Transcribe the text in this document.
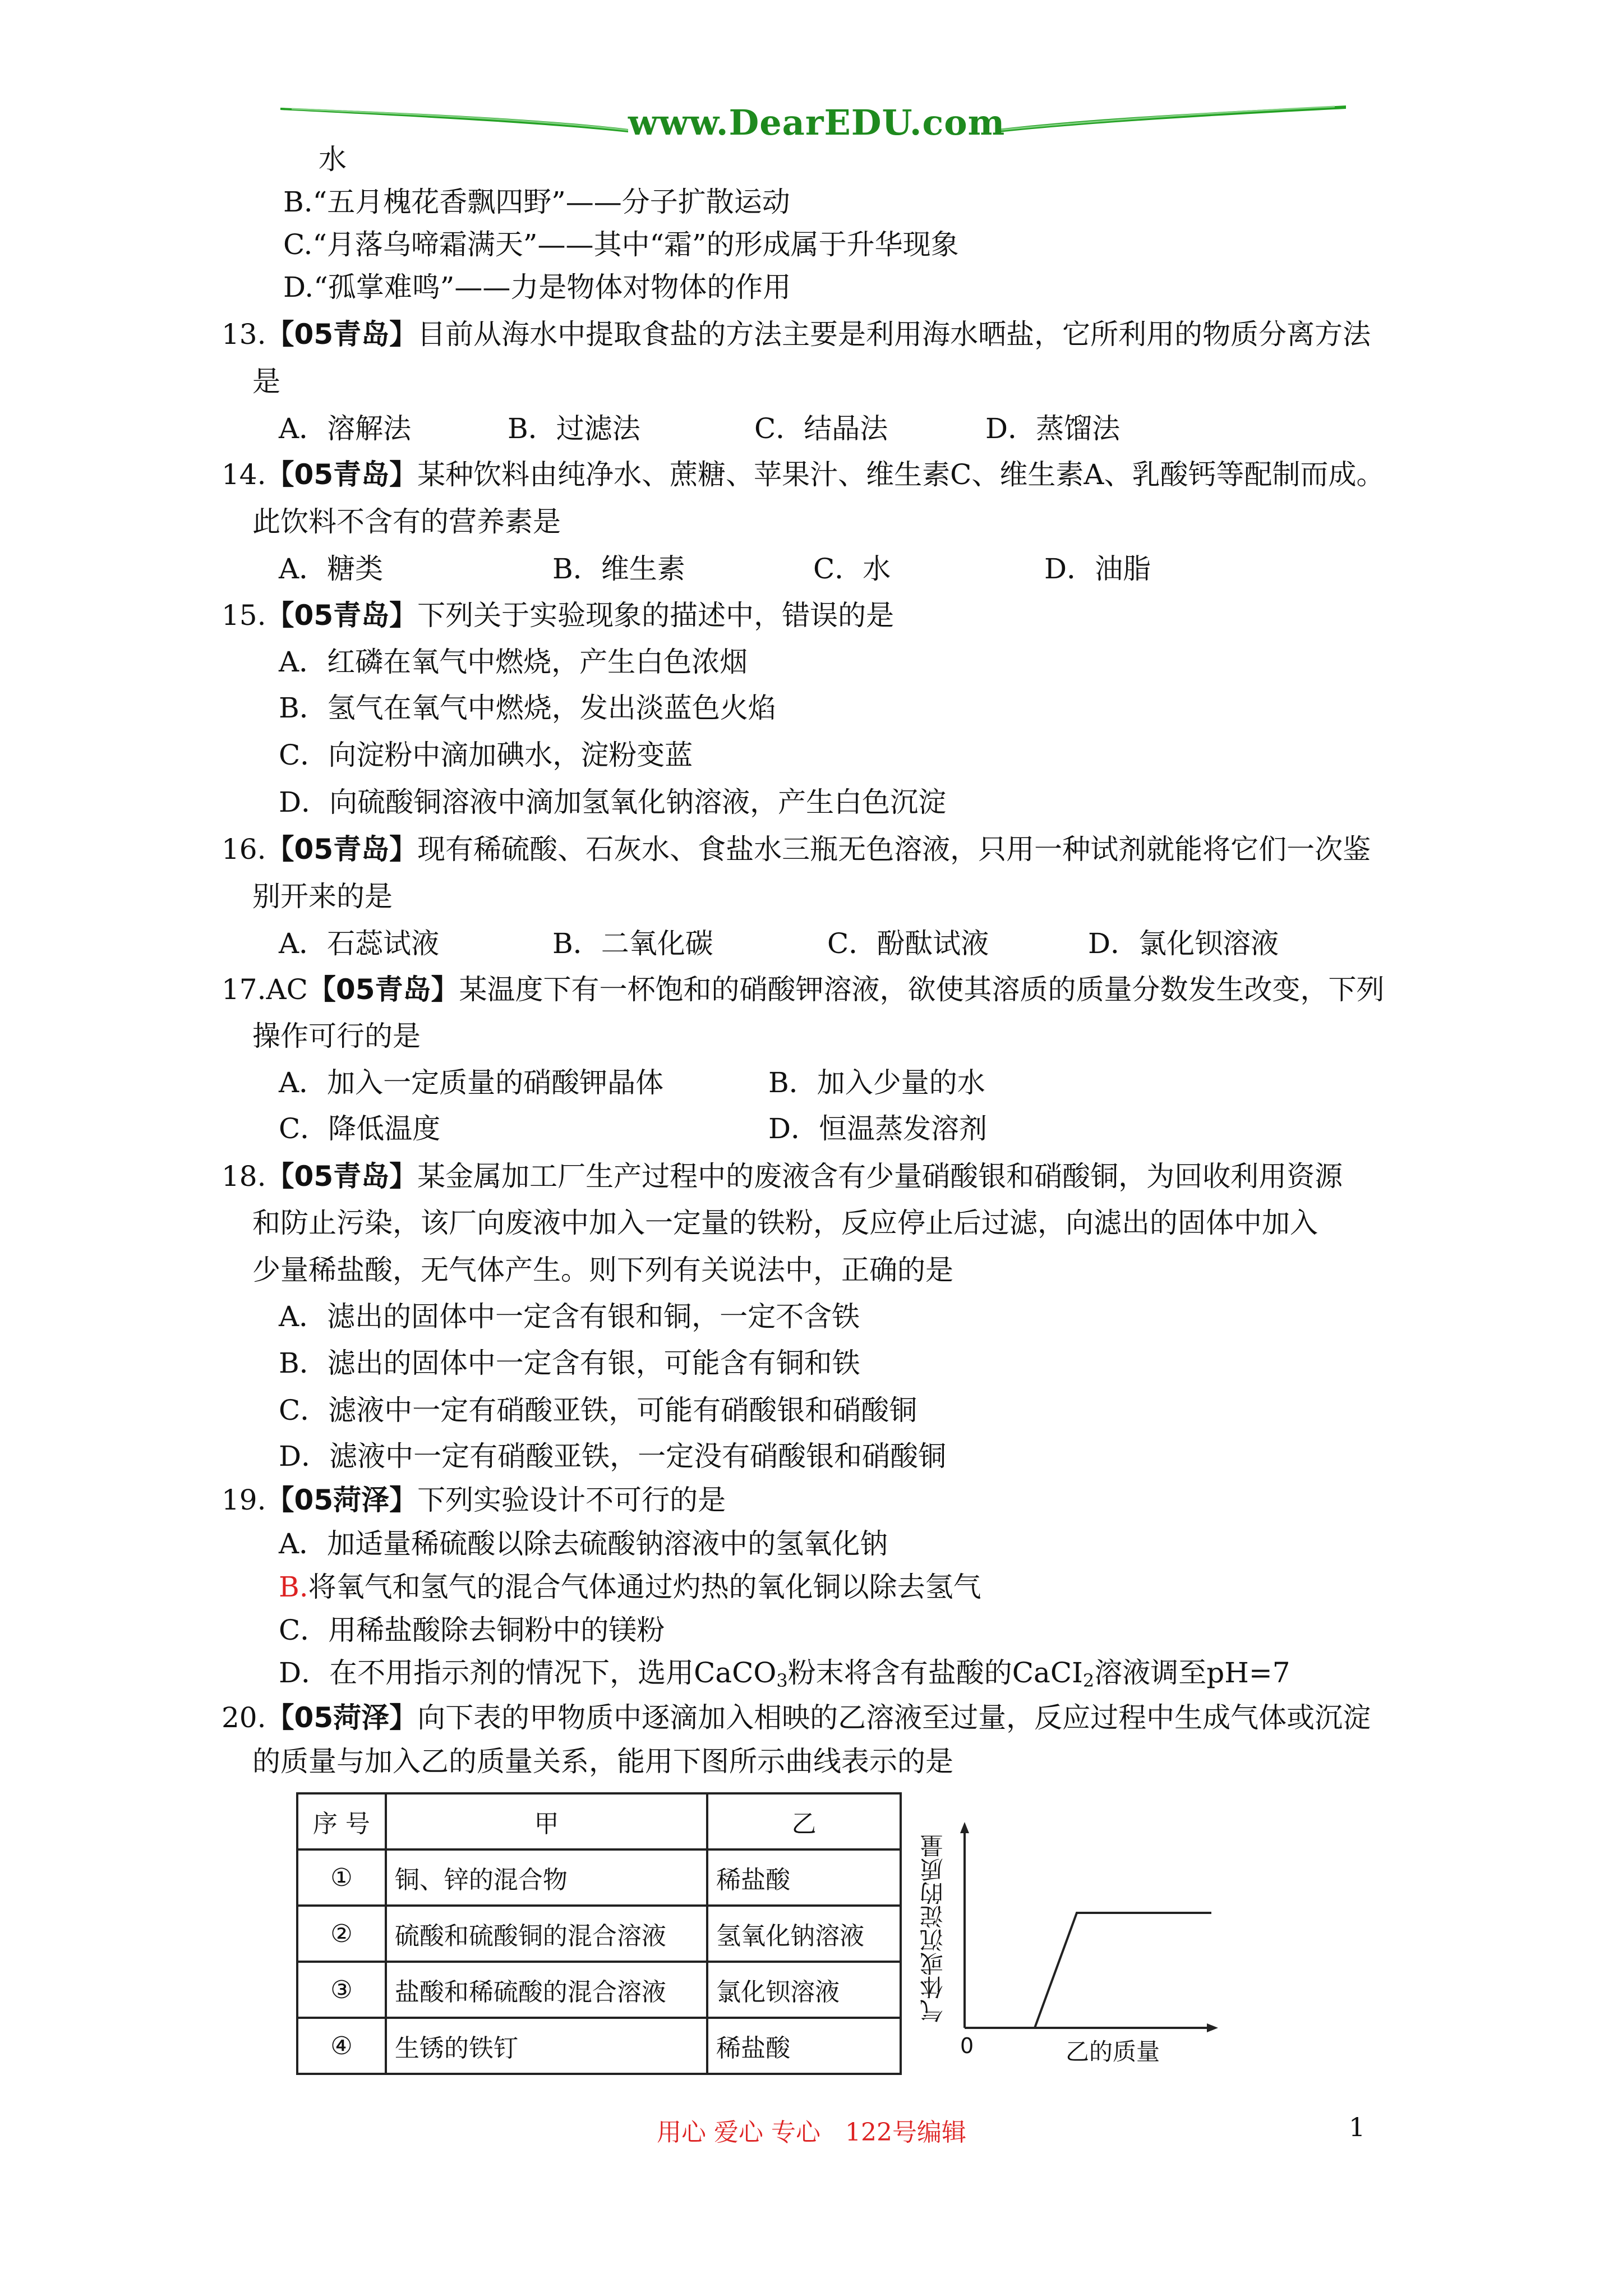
www.DearEDU.com
水
B.“五月槐花香飘四野”——分子扩散运动
C.“月落乌啼霜满天”——其中“霜”的形成属于升华现象
D.“孤掌难鸣”——力是物体对物体的作用
13.【05青岛】目前从海水中提取食盐的方法主要是利用海水晒盐，它所利用的物质分离方法
是
A．溶解法	B．过滤法	C．结晶法	D．蒸馏法
14.【05青岛】某种饮料由纯净水、蔗糖、苹果汁、维生素C、维生素A、乳酸钙等配制而成。
此饮料不含有的营养素是
A．糖类	B．维生素	C．水	D．油脂
15.【05青岛】下列关于实验现象的描述中，错误的是
A．红磷在氧气中燃烧，产生白色浓烟
B．氢气在氧气中燃烧，发出淡蓝色火焰
C．向淀粉中滴加碘水，淀粉变蓝
D．向硫酸铜溶液中滴加氢氧化钠溶液，产生白色沉淀
16.【05青岛】现有稀硫酸、石灰水、食盐水三瓶无色溶液，只用一种试剂就能将它们一次鉴
别开来的是
A．石蕊试液	B．二氧化碳	C．酚酞试液	D．氯化钡溶液
17.AC【05青岛】某温度下有一杯饱和的硝酸钾溶液，欲使其溶质的质量分数发生改变，下列
操作可行的是
A．加入一定质量的硝酸钾晶体	B．加入少量的水
C．降低温度	D．恒温蒸发溶剂
18.【05青岛】某金属加工厂生产过程中的废液含有少量硝酸银和硝酸铜，为回收利用资源
和防止污染，该厂向废液中加入一定量的铁粉，反应停止后过滤，向滤出的固体中加入
少量稀盐酸，无气体产生。则下列有关说法中，正确的是
A．滤出的固体中一定含有银和铜，一定不含铁
B．滤出的固体中一定含有银，可能含有铜和铁
C．滤液中一定有硝酸亚铁，可能有硝酸银和硝酸铜
D．滤液中一定有硝酸亚铁，一定没有硝酸银和硝酸铜
19.【05菏泽】下列实验设计不可行的是
A．加适量稀硫酸以除去硫酸钠溶液中的氢氧化钠
B.将氧气和氢气的混合气体通过灼热的氧化铜以除去氢气
C．用稀盐酸除去铜粉中的镁粉
D．在不用指示剂的情况下，选用CaCO$_3$粉末将含有盐酸的CaCI$_2$溶液调至pH=7
20.【05菏泽】向下表的甲物质中逐滴加入相映的乙溶液至过量，反应过程中生成气体或沉淀
的质量与加入乙的质量关系，能用下图所示曲线表示的是
序 号	甲	乙
①	铜、锌的混合物	稀盐酸
②	硫酸和硫酸铜的混合溶液	氢氧化钠溶液
③	盐酸和稀硫酸的混合溶液	氯化钡溶液
④	生锈的铁钉	稀盐酸
气体或沉淀的质量
0	乙的质量
用心 爱心 专心　122号编辑	1
